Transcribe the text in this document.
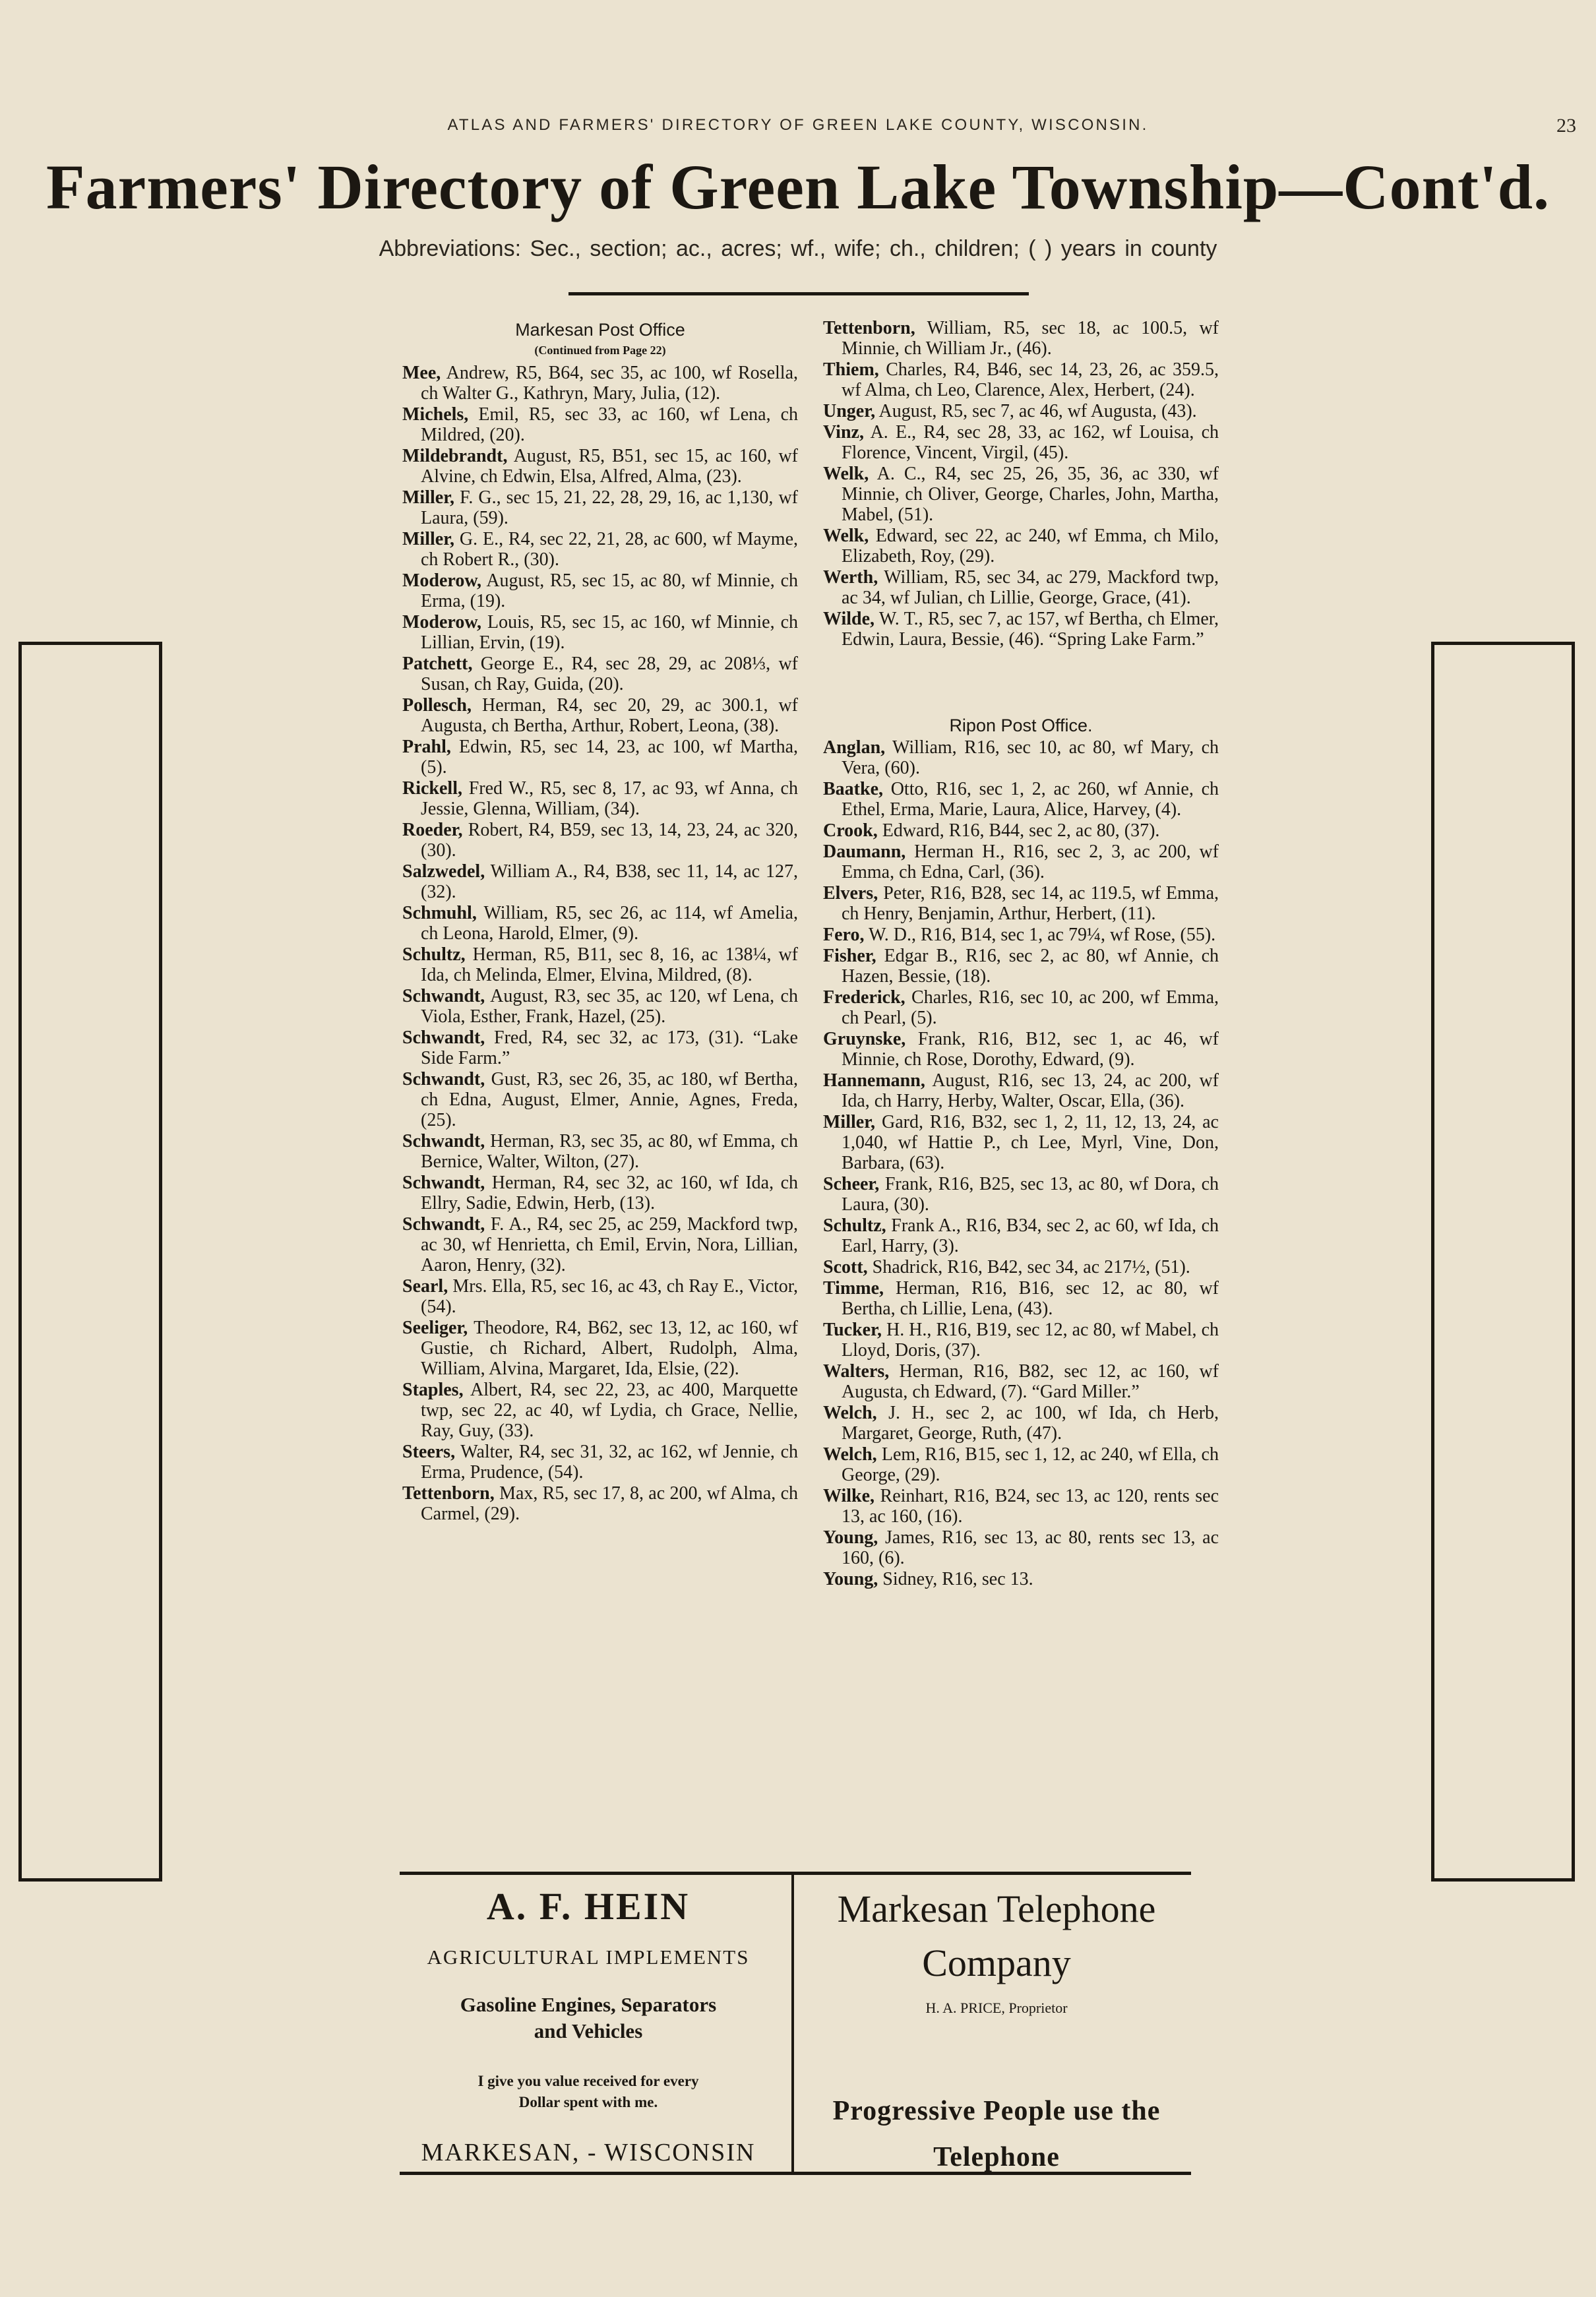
ATLAS AND FARMERS' DIRECTORY OF GREEN LAKE COUNTY, WISCONSIN.	23
Farmers' Directory of Green Lake Township—Cont'd.
Abbreviations: Sec., section; ac., acres; wf., wife; ch., children; ( ) years in county
Markesan Post Office
(Continued from Page 22)
Mee, Andrew, R5, B64, sec 35, ac 100, wf Rosella, ch Walter G., Kathryn, Mary, Julia, (12).
Michels, Emil, R5, sec 33, ac 160, wf Lena, ch Mildred, (20).
Mildebrandt, August, R5, B51, sec 15, ac 160, wf Alvine, ch Edwin, Elsa, Alfred, Alma, (23).
Miller, F. G., sec 15, 21, 22, 28, 29, 16, ac 1,130, wf Laura, (59).
Miller, G. E., R4, sec 22, 21, 28, ac 600, wf Mayme, ch Robert R., (30).
Moderow, August, R5, sec 15, ac 80, wf Minnie, ch Erma, (19).
Moderow, Louis, R5, sec 15, ac 160, wf Minnie, ch Lillian, Ervin, (19).
Patchett, George E., R4, sec 28, 29, ac 208⅓, wf Susan, ch Ray, Guida, (20).
Pollesch, Herman, R4, sec 20, 29, ac 300.1, wf Augusta, ch Bertha, Arthur, Robert, Leona, (38).
Prahl, Edwin, R5, sec 14, 23, ac 100, wf Martha, (5).
Rickell, Fred W., R5, sec 8, 17, ac 93, wf Anna, ch Jessie, Glenna, William, (34).
Roeder, Robert, R4, B59, sec 13, 14, 23, 24, ac 320, (30).
Salzwedel, William A., R4, B38, sec 11, 14, ac 127, (32).
Schmuhl, William, R5, sec 26, ac 114, wf Amelia, ch Leona, Harold, Elmer, (9).
Schultz, Herman, R5, B11, sec 8, 16, ac 138¼, wf Ida, ch Melinda, Elmer, Elvina, Mildred, (8).
Schwandt, August, R3, sec 35, ac 120, wf Lena, ch Viola, Esther, Frank, Hazel, (25).
Schwandt, Fred, R4, sec 32, ac 173, (31). “Lake Side Farm.”
Schwandt, Gust, R3, sec 26, 35, ac 180, wf Bertha, ch Edna, August, Elmer, Annie, Agnes, Freda, (25).
Schwandt, Herman, R3, sec 35, ac 80, wf Emma, ch Bernice, Walter, Wilton, (27).
Schwandt, Herman, R4, sec 32, ac 160, wf Ida, ch Ellry, Sadie, Edwin, Herb, (13).
Schwandt, F. A., R4, sec 25, ac 259, Mackford twp, ac 30, wf Henrietta, ch Emil, Ervin, Nora, Lillian, Aaron, Henry, (32).
Searl, Mrs. Ella, R5, sec 16, ac 43, ch Ray E., Victor, (54).
Seeliger, Theodore, R4, B62, sec 13, 12, ac 160, wf Gustie, ch Richard, Albert, Rudolph, Alma, William, Alvina, Margaret, Ida, Elsie, (22).
Staples, Albert, R4, sec 22, 23, ac 400, Marquette twp, sec 22, ac 40, wf Lydia, ch Grace, Nellie, Ray, Guy, (33).
Steers, Walter, R4, sec 31, 32, ac 162, wf Jennie, ch Erma, Prudence, (54).
Tettenborn, Max, R5, sec 17, 8, ac 200, wf Alma, ch Carmel, (29).
Tettenborn, William, R5, sec 18, ac 100.5, wf Minnie, ch William Jr., (46).
Thiem, Charles, R4, B46, sec 14, 23, 26, ac 359.5, wf Alma, ch Leo, Clarence, Alex, Herbert, (24).
Unger, August, R5, sec 7, ac 46, wf Augusta, (43).
Vinz, A. E., R4, sec 28, 33, ac 162, wf Louisa, ch Florence, Vincent, Virgil, (45).
Welk, A. C., R4, sec 25, 26, 35, 36, ac 330, wf Minnie, ch Oliver, George, Charles, John, Martha, Mabel, (51).
Welk, Edward, sec 22, ac 240, wf Emma, ch Milo, Elizabeth, Roy, (29).
Werth, William, R5, sec 34, ac 279, Mackford twp, ac 34, wf Julian, ch Lillie, George, Grace, (41).
Wilde, W. T., R5, sec 7, ac 157, wf Bertha, ch Elmer, Edwin, Laura, Bessie, (46). “Spring Lake Farm.”
Ripon Post Office.
Anglan, William, R16, sec 10, ac 80, wf Mary, ch Vera, (60).
Baatke, Otto, R16, sec 1, 2, ac 260, wf Annie, ch Ethel, Erma, Marie, Laura, Alice, Harvey, (4).
Crook, Edward, R16, B44, sec 2, ac 80, (37).
Daumann, Herman H., R16, sec 2, 3, ac 200, wf Emma, ch Edna, Carl, (36).
Elvers, Peter, R16, B28, sec 14, ac 119.5, wf Emma, ch Henry, Benjamin, Arthur, Herbert, (11).
Fero, W. D., R16, B14, sec 1, ac 79¼, wf Rose, (55).
Fisher, Edgar B., R16, sec 2, ac 80, wf Annie, ch Hazen, Bessie, (18).
Frederick, Charles, R16, sec 10, ac 200, wf Emma, ch Pearl, (5).
Gruynske, Frank, R16, B12, sec 1, ac 46, wf Minnie, ch Rose, Dorothy, Edward, (9).
Hannemann, August, R16, sec 13, 24, ac 200, wf Ida, ch Harry, Herby, Walter, Oscar, Ella, (36).
Miller, Gard, R16, B32, sec 1, 2, 11, 12, 13, 24, ac 1,040, wf Hattie P., ch Lee, Myrl, Vine, Don, Barbara, (63).
Scheer, Frank, R16, B25, sec 13, ac 80, wf Dora, ch Laura, (30).
Schultz, Frank A., R16, B34, sec 2, ac 60, wf Ida, ch Earl, Harry, (3).
Scott, Shadrick, R16, B42, sec 34, ac 217½, (51).
Timme, Herman, R16, B16, sec 12, ac 80, wf Bertha, ch Lillie, Lena, (43).
Tucker, H. H., R16, B19, sec 12, ac 80, wf Mabel, ch Lloyd, Doris, (37).
Walters, Herman, R16, B82, sec 12, ac 160, wf Augusta, ch Edward, (7). “Gard Miller.”
Welch, J. H., sec 2, ac 100, wf Ida, ch Herb, Margaret, George, Ruth, (47).
Welch, Lem, R16, B15, sec 1, 12, ac 240, wf Ella, ch George, (29).
Wilke, Reinhart, R16, B24, sec 13, ac 120, rents sec 13, ac 160, (16).
Young, James, R16, sec 13, ac 80, rents sec 13, ac 160, (6).
Young, Sidney, R16, sec 13.
A. F. HEIN
AGRICULTURAL IMPLEMENTS
Gasoline Engines, Separators
and Vehicles
I give you value received for every
Dollar spent with me.
MARKESAN, - WISCONSIN
Markesan Telephone
Company
H. A. PRICE, Proprietor
Progressive People use the
Telephone
